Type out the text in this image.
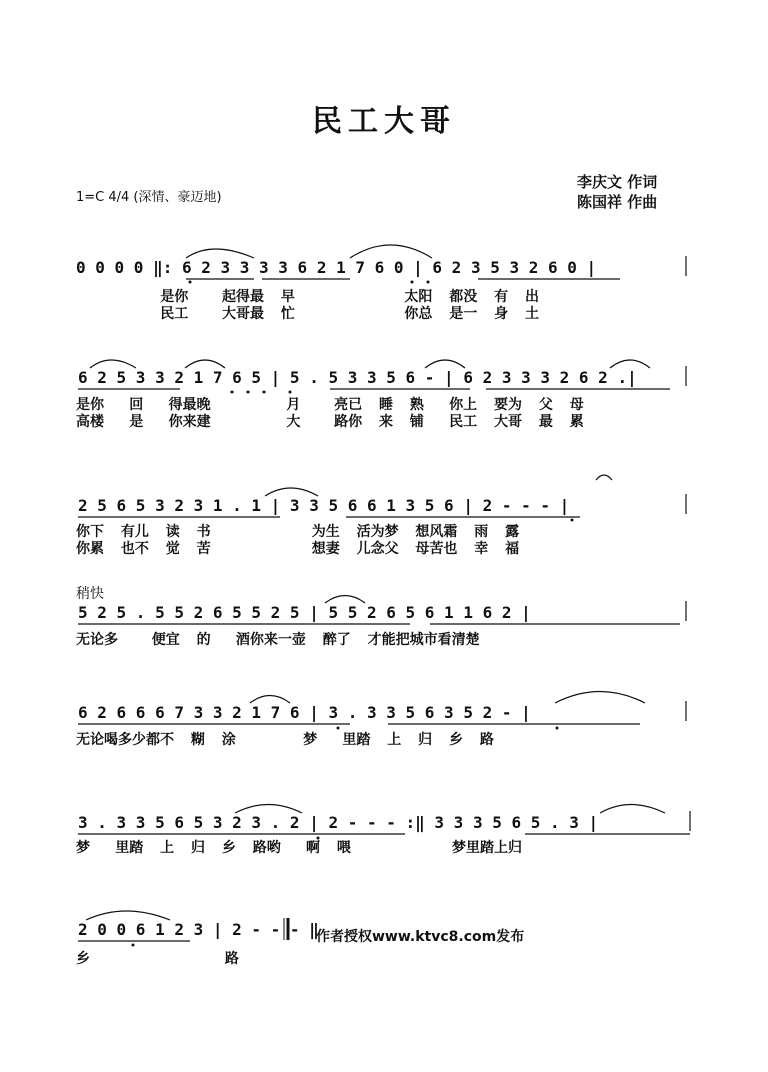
民工大哥
1=C 4/4 (深情、豪迈地)
李庆文 作词
陈国祥 作曲
0 0 0 0 ‖: 6 2 3 3 3 3 6 2 1 7 6 0 | 6 2 3 5 3 2 6 0 |
是你    起得最  早             太阳  都没  有  出
民工    大哥最  忙             你总  是一  身  土
6 2 5 3 3 2 1 7 6 5 | 5 . 5 3 3 5 6 - | 6 2 3 3 3 2 6 2 .|
是你   回   得最晚         月    亮已  睡  熟   你上  要为  父  母
高楼   是   你来建         大    路你  来  铺   民工  大哥  最  累
2 5 6 5 3 2 3 1 . 1 | 3 3 5 6 6 1 3 5 6 | 2 - - - |
你下  有儿  读  书            为生  活为梦  想风霜  雨  露
你累  也不  觉  苦            想妻  儿念父  母苦也  幸  福
稍快
5 2 5 . 5 5 2 6 5 5 2 5 | 5 5 2 6 5 6 1 1 6 2 |
无论多    便宜  的   酒你来一壶  醉了  才能把城市看清楚
6 2 6 6 6 7 3 3 2 1 7 6 | 3 . 3 3 5 6 3 5 2 - |
无论喝多少都不  糊  涂        梦   里踏  上  归  乡  路
3 . 3 3 5 6 5 3 2 3 . 2 | 2 - - - :‖ 3 3 3 5 6 5 . 3 |
梦   里踏  上  归  乡  路哟   啊  喂            梦里踏上归
2 0 0 6 1 2 3 | 2 - - - ‖
乡                路
作者授权www.ktvc8.com发布
